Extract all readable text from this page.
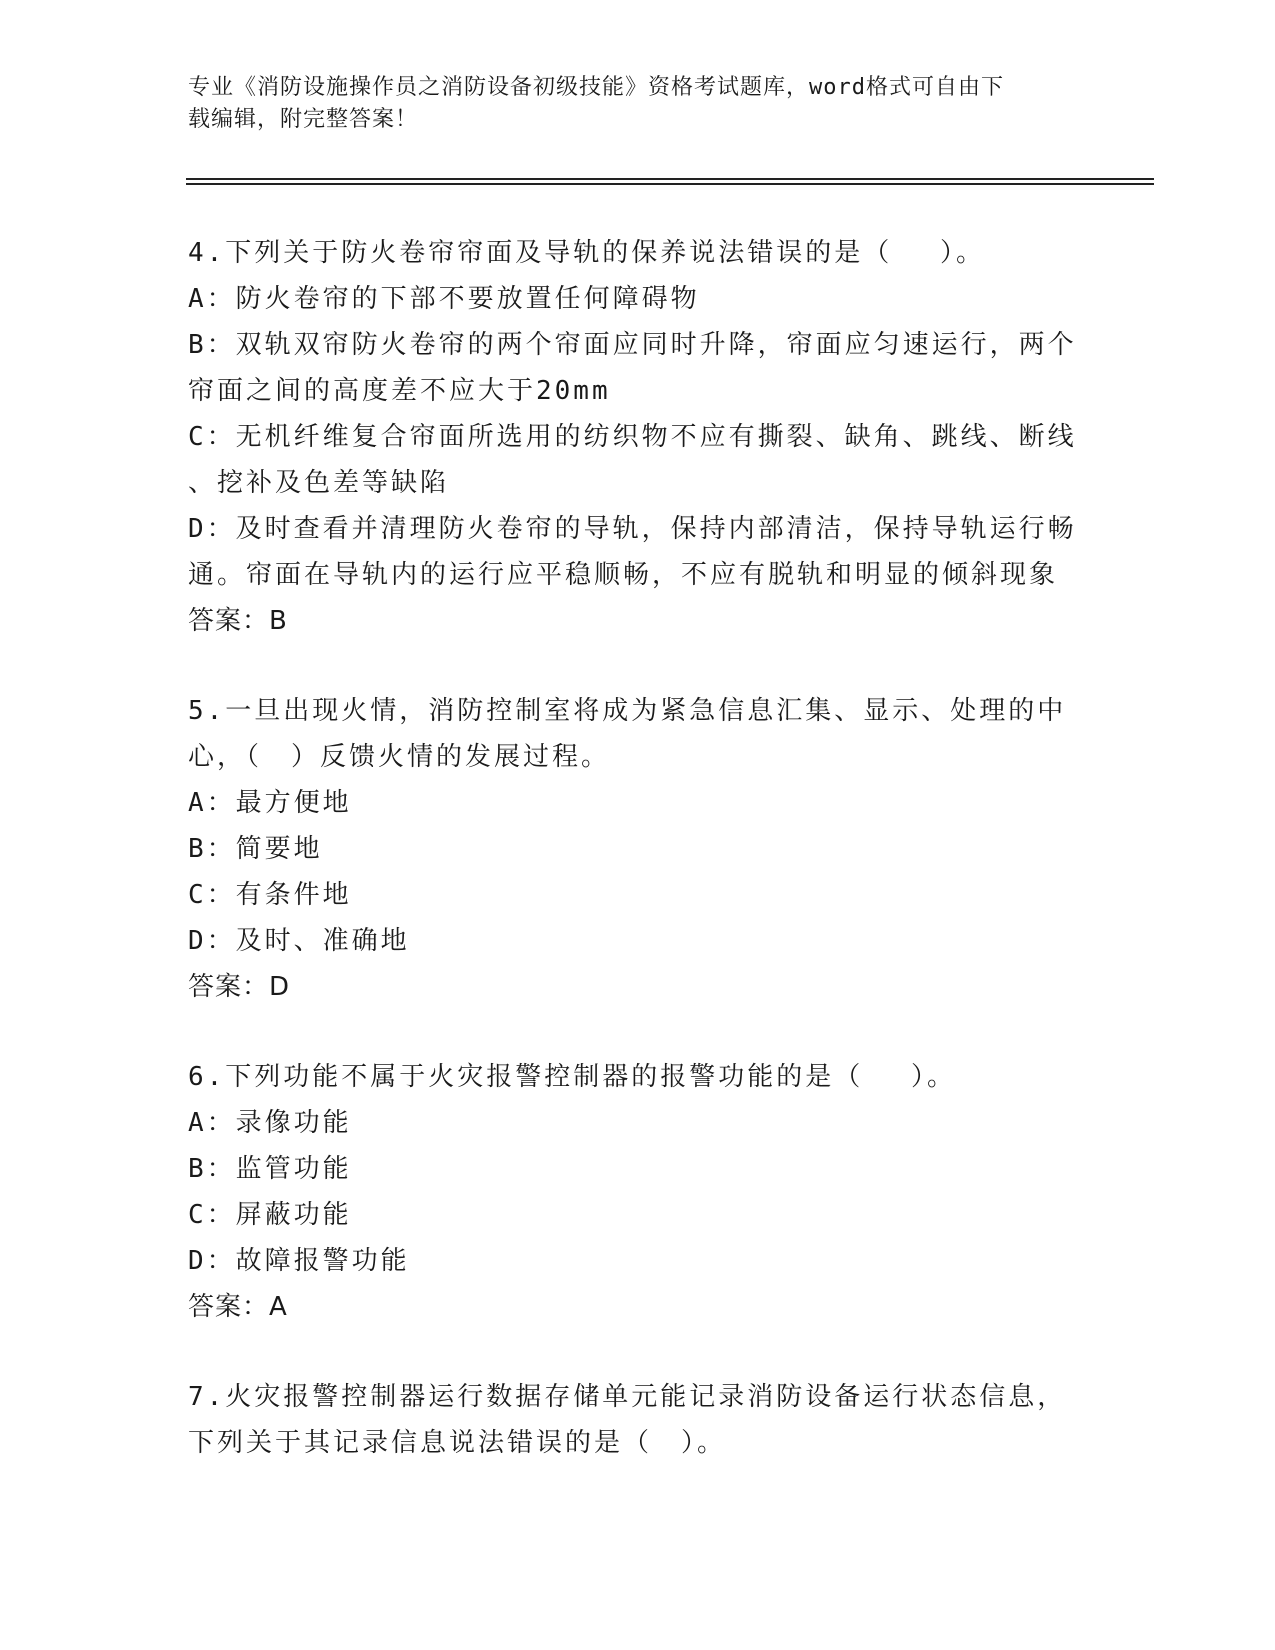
专业《消防设施操作员之消防设备初级技能》资格考试题库，word格式可自由下
载编辑，附完整答案！
4.下列关于防火卷帘帘面及导轨的保养说法错误的是（　 ）。
A：防火卷帘的下部不要放置任何障碍物
B：双轨双帘防火卷帘的两个帘面应同时升降，帘面应匀速运行，两个
帘面之间的高度差不应大于20mm
C：无机纤维复合帘面所选用的纺织物不应有撕裂、缺角、跳线、断线
、挖补及色差等缺陷
D：及时查看并清理防火卷帘的导轨，保持内部清洁，保持导轨运行畅
通。帘面在导轨内的运行应平稳顺畅，不应有脱轨和明显的倾斜现象
答案：B
5.一旦出现火情，消防控制室将成为紧急信息汇集、显示、处理的中
心，（　）反馈火情的发展过程。
A：最方便地
B：简要地
C：有条件地
D：及时、准确地
答案：D
6.下列功能不属于火灾报警控制器的报警功能的是（　 ）。
A：录像功能
B：监管功能
C：屏蔽功能
D：故障报警功能
答案：A
7.火灾报警控制器运行数据存储单元能记录消防设备运行状态信息，
下列关于其记录信息说法错误的是（　）。
